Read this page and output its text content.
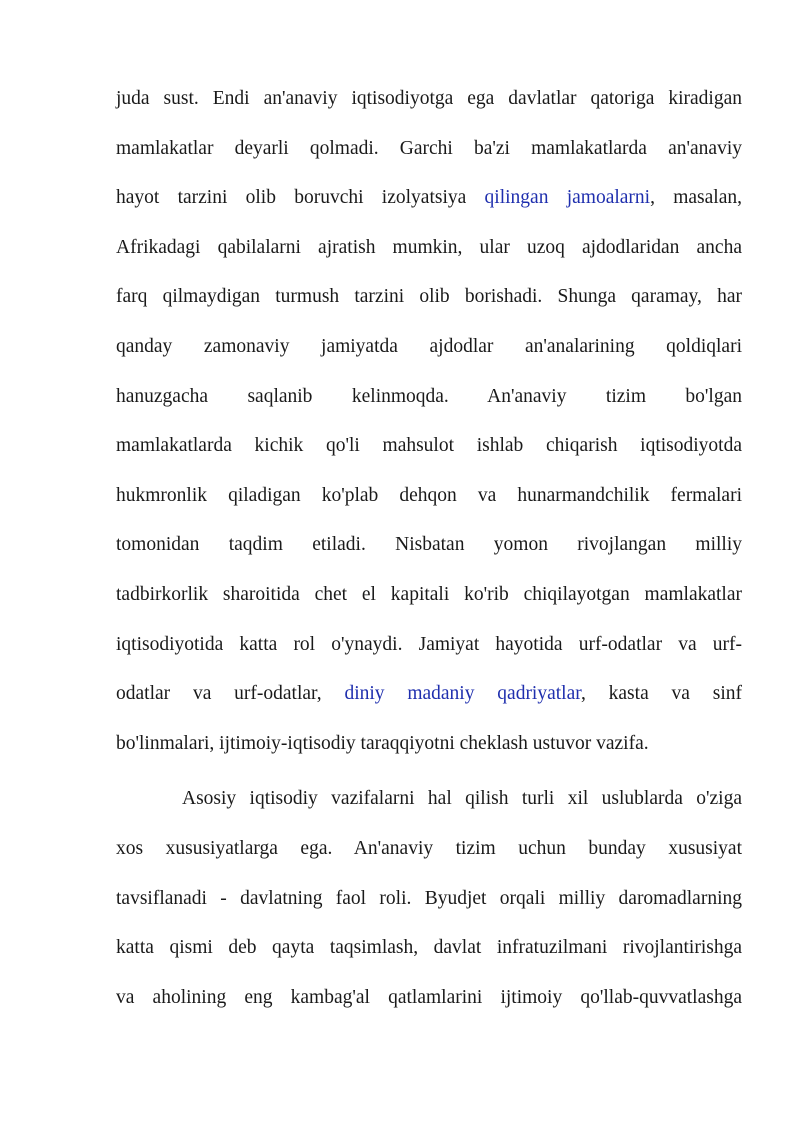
juda sust. Endi an'anaviy iqtisodiyotga ega davlatlar qatoriga kiradigan
mamlakatlar deyarli qolmadi. Garchi ba'zi mamlakatlarda an'anaviy
hayot tarzini olib boruvchi izolyatsiya qilingan jamoalarni, masalan,
Afrikadagi qabilalarni ajratish mumkin, ular uzoq ajdodlaridan ancha
farq qilmaydigan turmush tarzini olib borishadi. Shunga qaramay, har
qanday zamonaviy jamiyatda ajdodlar an'analarining qoldiqlari
hanuzgacha saqlanib kelinmoqda. An'anaviy tizim bo'lgan
mamlakatlarda kichik qo'li mahsulot ishlab chiqarish iqtisodiyotda
hukmronlik qiladigan ko'plab dehqon va hunarmandchilik fermalari
tomonidan taqdim etiladi. Nisbatan yomon rivojlangan milliy
tadbirkorlik sharoitida chet el kapitali ko'rib chiqilayotgan mamlakatlar
iqtisodiyotida katta rol o'ynaydi. Jamiyat hayotida urf-odatlar va urf-
odatlar va urf-odatlar, diniy madaniy qadriyatlar, kasta va sinf
bo'linmalari, ijtimoiy-iqtisodiy taraqqiyotni cheklash ustuvor vazifa.
Asosiy iqtisodiy vazifalarni hal qilish turli xil uslublarda o'ziga
xos xususiyatlarga ega. An'anaviy tizim uchun bunday xususiyat
tavsiflanadi - davlatning faol roli. Byudjet orqali milliy daromadlarning
katta qismi deb qayta taqsimlash, davlat infratuzilmani rivojlantirishga
va aholining eng kambag'al qatlamlarini ijtimoiy qo'llab-quvvatlashga
